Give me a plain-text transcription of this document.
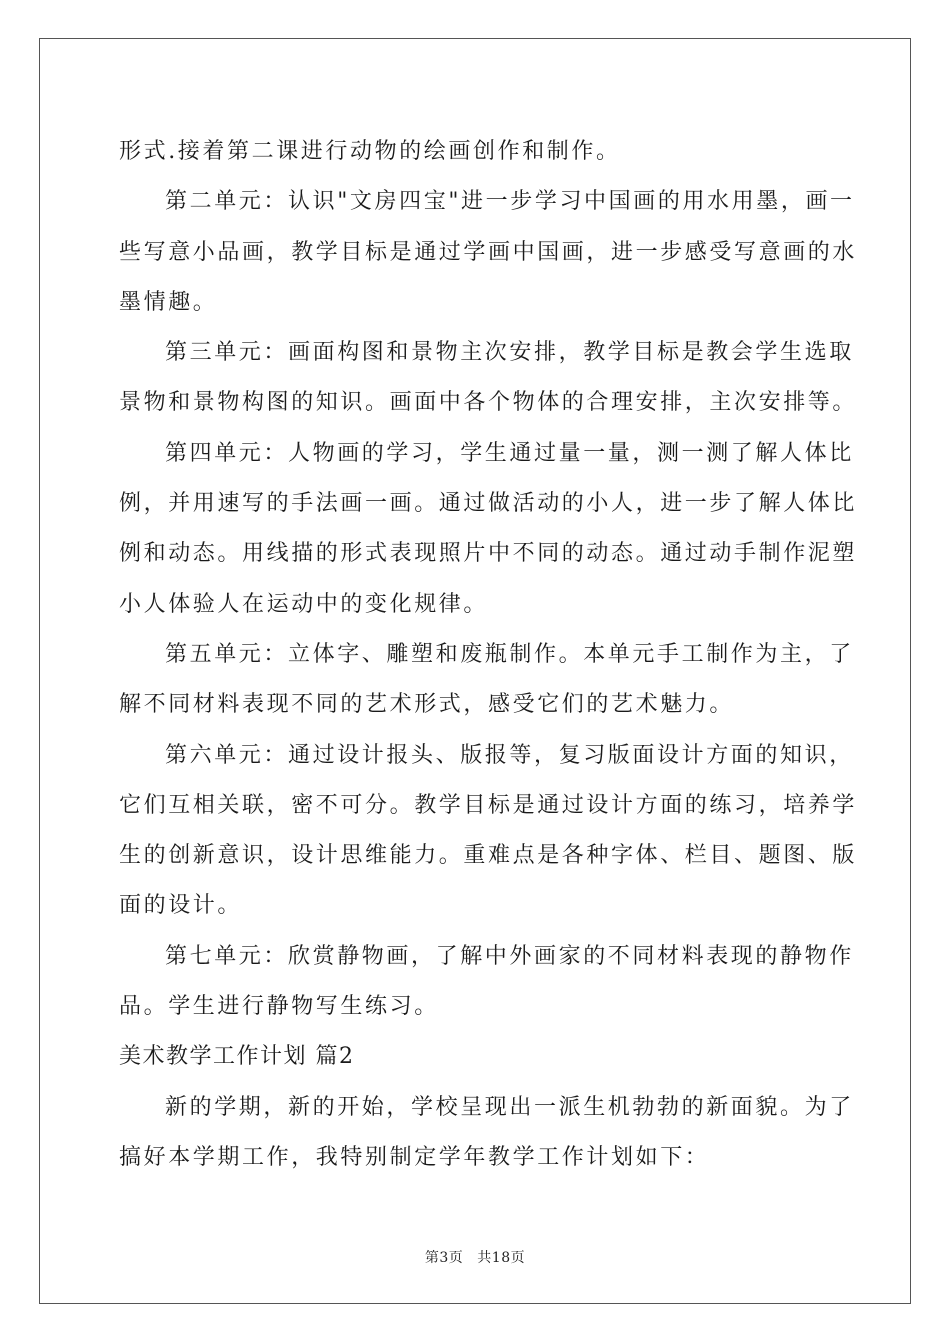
形式.接着第二课进行动物的绘画创作和制作。
第二单元：认识"文房四宝"进一步学习中国画的用水用墨，画一
些写意小品画，教学目标是通过学画中国画，进一步感受写意画的水
墨情趣。
第三单元：画面构图和景物主次安排，教学目标是教会学生选取
景物和景物构图的知识。画面中各个物体的合理安排，主次安排等。
第四单元：人物画的学习，学生通过量一量，测一测了解人体比
例，并用速写的手法画一画。通过做活动的小人，进一步了解人体比
例和动态。用线描的形式表现照片中不同的动态。通过动手制作泥塑
小人体验人在运动中的变化规律。
第五单元：立体字、雕塑和废瓶制作。本单元手工制作为主，了
解不同材料表现不同的艺术形式，感受它们的艺术魅力。
第六单元：通过设计报头、版报等，复习版面设计方面的知识，
它们互相关联，密不可分。教学目标是通过设计方面的练习，培养学
生的创新意识，设计思维能力。重难点是各种字体、栏目、题图、版
面的设计。
第七单元：欣赏静物画，了解中外画家的不同材料表现的静物作
品。学生进行静物写生练习。
美术教学工作计划 篇2
新的学期，新的开始，学校呈现出一派生机勃勃的新面貌。为了
搞好本学期工作，我特别制定学年教学工作计划如下：
第3页 共18页
